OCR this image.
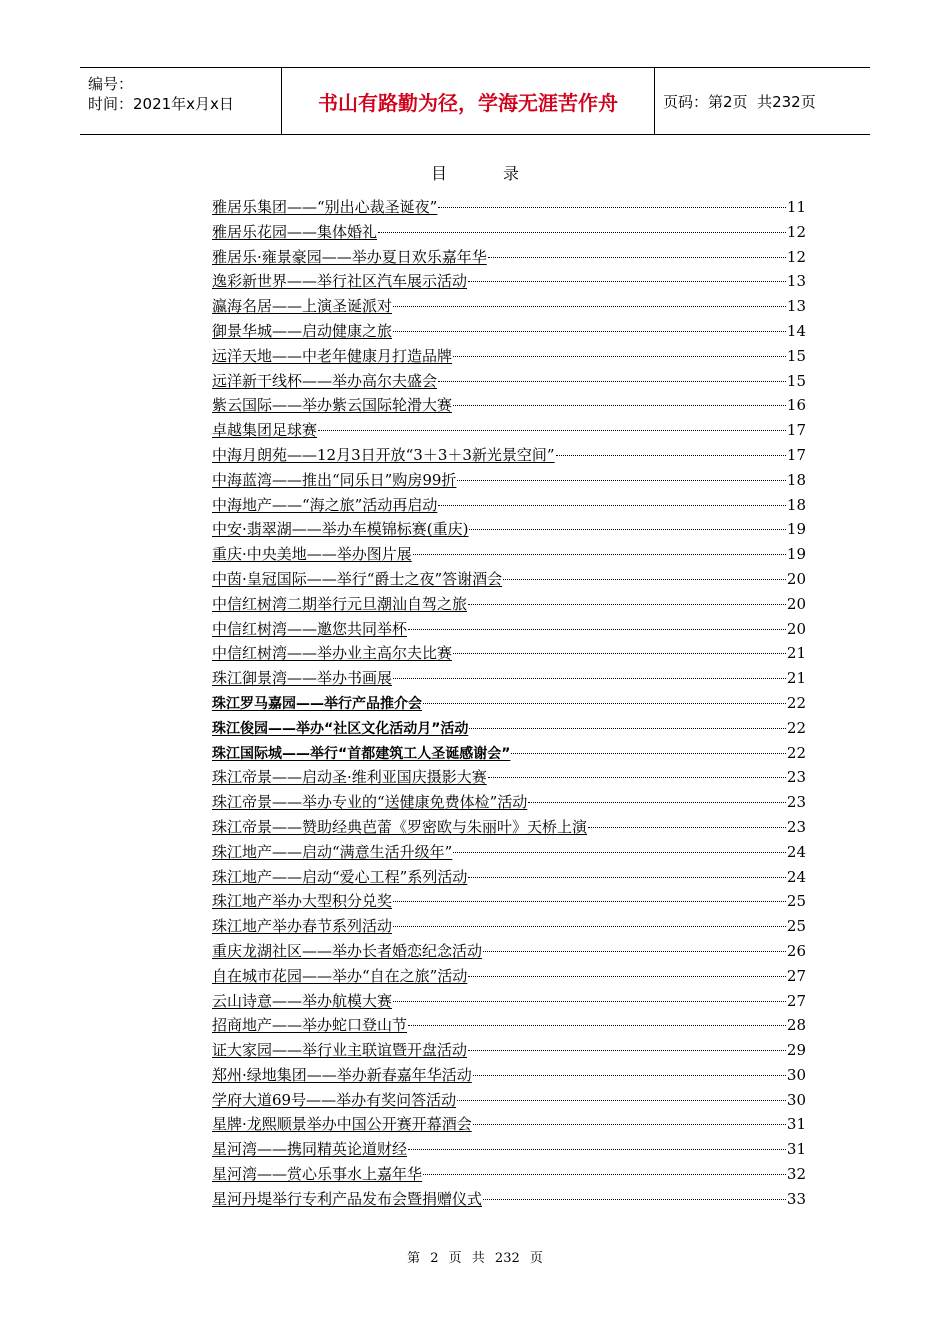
编号：
时间：2021年x月x日	书山有路勤为径，学海无涯苦作舟	页码：第2页  共232页
目	录
雅居乐集团——“别出心裁圣诞夜”	11
雅居乐花园——集体婚礼	12
雅居乐·雍景豪园——举办夏日欢乐嘉年华	12
逸彩新世界——举行社区汽车展示活动	13
瀛海名居——上演圣诞派对	13
御景华城——启动健康之旅	14
远洋天地——中老年健康月打造品牌	15
远洋新干线杯——举办高尔夫盛会	15
紫云国际——举办紫云国际轮滑大赛	16
卓越集团足球赛	17
中海月朗苑——12月3日开放“3＋3＋3新光景空间”	17
中海蓝湾——推出“同乐日”购房99折	18
中海地产——“海之旅”活动再启动	18
中安·翡翠湖——举办车模锦标赛(重庆)	19
重庆·中央美地——举办图片展	19
中茵·皇冠国际——举行“爵士之夜”答谢酒会	20
中信红树湾二期举行元旦潮汕自驾之旅	20
中信红树湾——邀您共同举杯	20
中信红树湾——举办业主高尔夫比赛	21
珠江御景湾——举办书画展	21
珠江罗马嘉园——举行产品推介会	22
珠江俊园——举办“社区文化活动月”活动	22
珠江国际城——举行“首都建筑工人圣诞感谢会”	22
珠江帝景——启动圣·维利亚国庆摄影大赛	23
珠江帝景——举办专业的“送健康免费体检”活动	23
珠江帝景——赞助经典芭蕾《罗密欧与朱丽叶》天桥上演	23
珠江地产——启动“满意生活升级年”	24
珠江地产——启动“爱心工程”系列活动	24
珠江地产举办大型积分兑奖	25
珠江地产举办春节系列活动	25
重庆龙湖社区——举办长者婚恋纪念活动	26
自在城市花园——举办“自在之旅”活动	27
云山诗意——举办航模大赛	27
招商地产——举办蛇口登山节	28
证大家园——举行业主联谊暨开盘活动	29
郑州·绿地集团——举办新春嘉年华活动	30
学府大道69号——举办有奖问答活动	30
星牌·龙熙顺景举办中国公开赛开幕酒会	31
星河湾——携同精英论道财经	31
星河湾——赏心乐事水上嘉年华	32
星河丹堤举行专利产品发布会暨捐赠仪式	33
第 2 页 共 232 页
